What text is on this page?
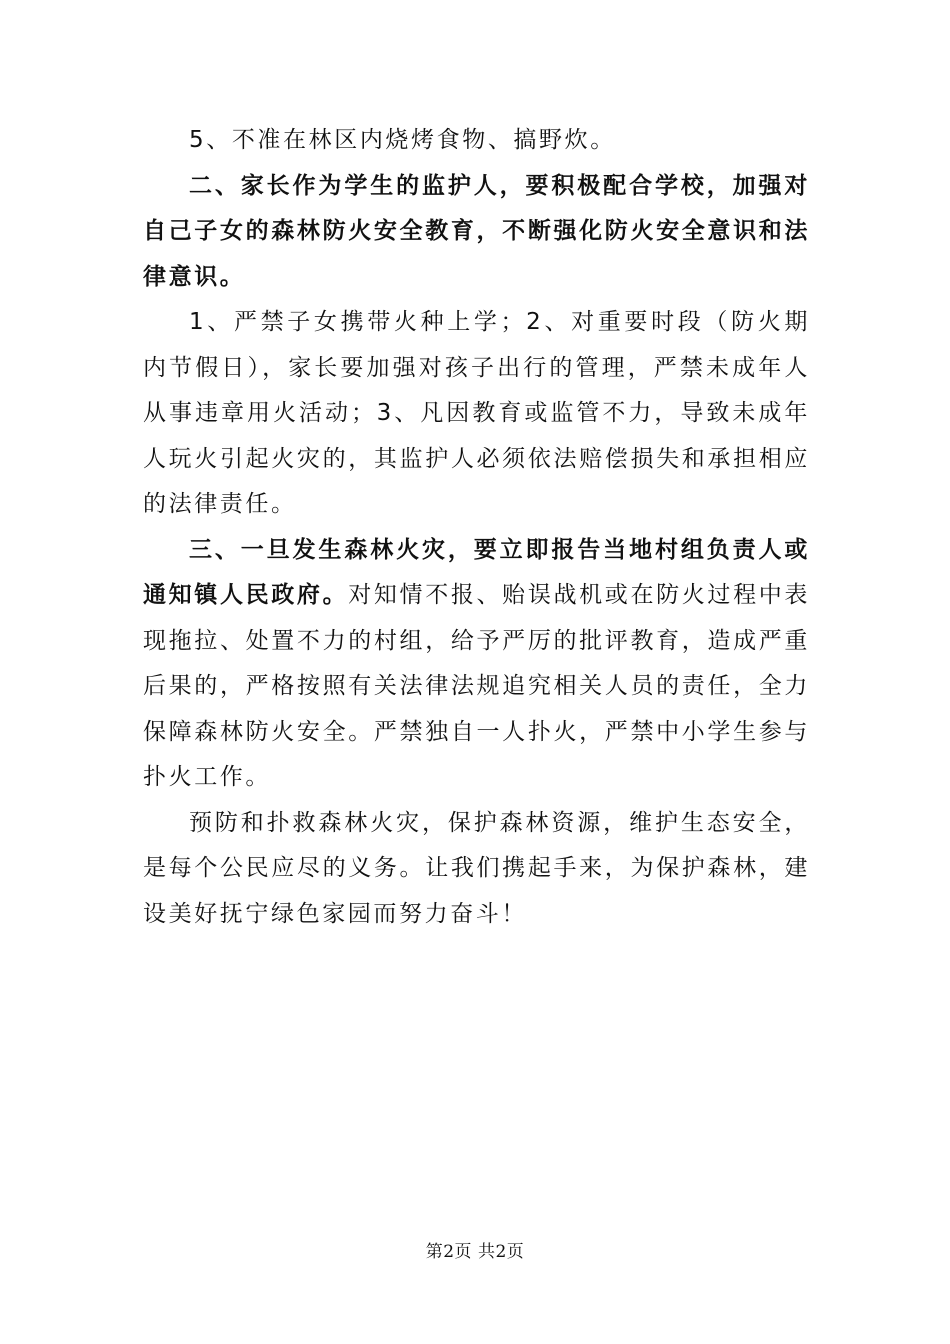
5、不准在林区内烧烤食物、搞野炊。

二、家长作为学生的监护人，要积极配合学校，加强对自己子女的森林防火安全教育，不断强化防火安全意识和法律意识。

1、严禁子女携带火种上学；2、对重要时段（防火期内节假日），家长要加强对孩子出行的管理，严禁未成年人从事违章用火活动；3、凡因教育或监管不力，导致未成年人玩火引起火灾的，其监护人必须依法赔偿损失和承担相应的法律责任。

三、一旦发生森林火灾，要立即报告当地村组负责人或通知镇人民政府。对知情不报、贻误战机或在防火过程中表现拖拉、处置不力的村组，给予严厉的批评教育，造成严重后果的，严格按照有关法律法规追究相关人员的责任，全力保障森林防火安全。严禁独自一人扑火，严禁中小学生参与扑火工作。

预防和扑救森林火灾，保护森林资源，维护生态安全，是每个公民应尽的义务。让我们携起手来，为保护森林，建设美好抚宁绿色家园而努力奋斗！

第2页 共2页
